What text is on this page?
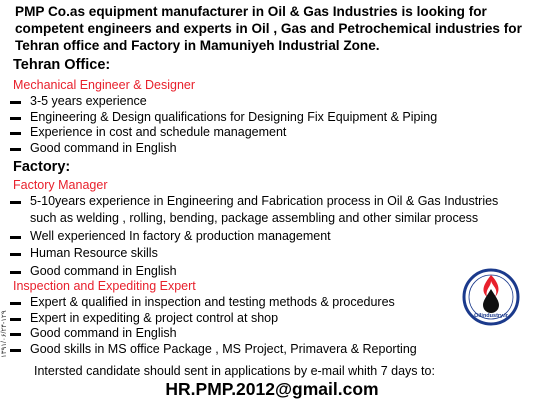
PMP Co.as equipment manufacturer in Oil & Gas Industries is looking for
competent engineers and experts in Oil , Gas and Petrochemical industries for
Tehran office and Factory in Mamuniyeh Industrial Zone.

Tehran Office:

Mechanical Engineer & Designer

3-5 years experience
Engineering & Design qualifications for Designing Fix Equipment & Piping
Experience in cost and schedule management
Good command in English

Factory:

Factory Manager

5-10years experience in Engineering and Fabrication process in Oil & Gas Industries
such as welding , rolling, bending, package assembling and other similar process
Well experienced In factory & production management
Human Resource skills
Good command in English

Inspection and Expediting Expert

Expert & qualified in inspection and testing methods & procedures
Expert in expediting & project control at shop
Good command in English
Good skills in MS office Package , MS Project, Primavera & Reporting

Intersted candidate should sent in applications by e-mail whith 7 days to:

HR.PMP.2012@gmail.com

۱۳۹۱/۰۶/۲۴-۱۲۹	Oilindustry.ir
